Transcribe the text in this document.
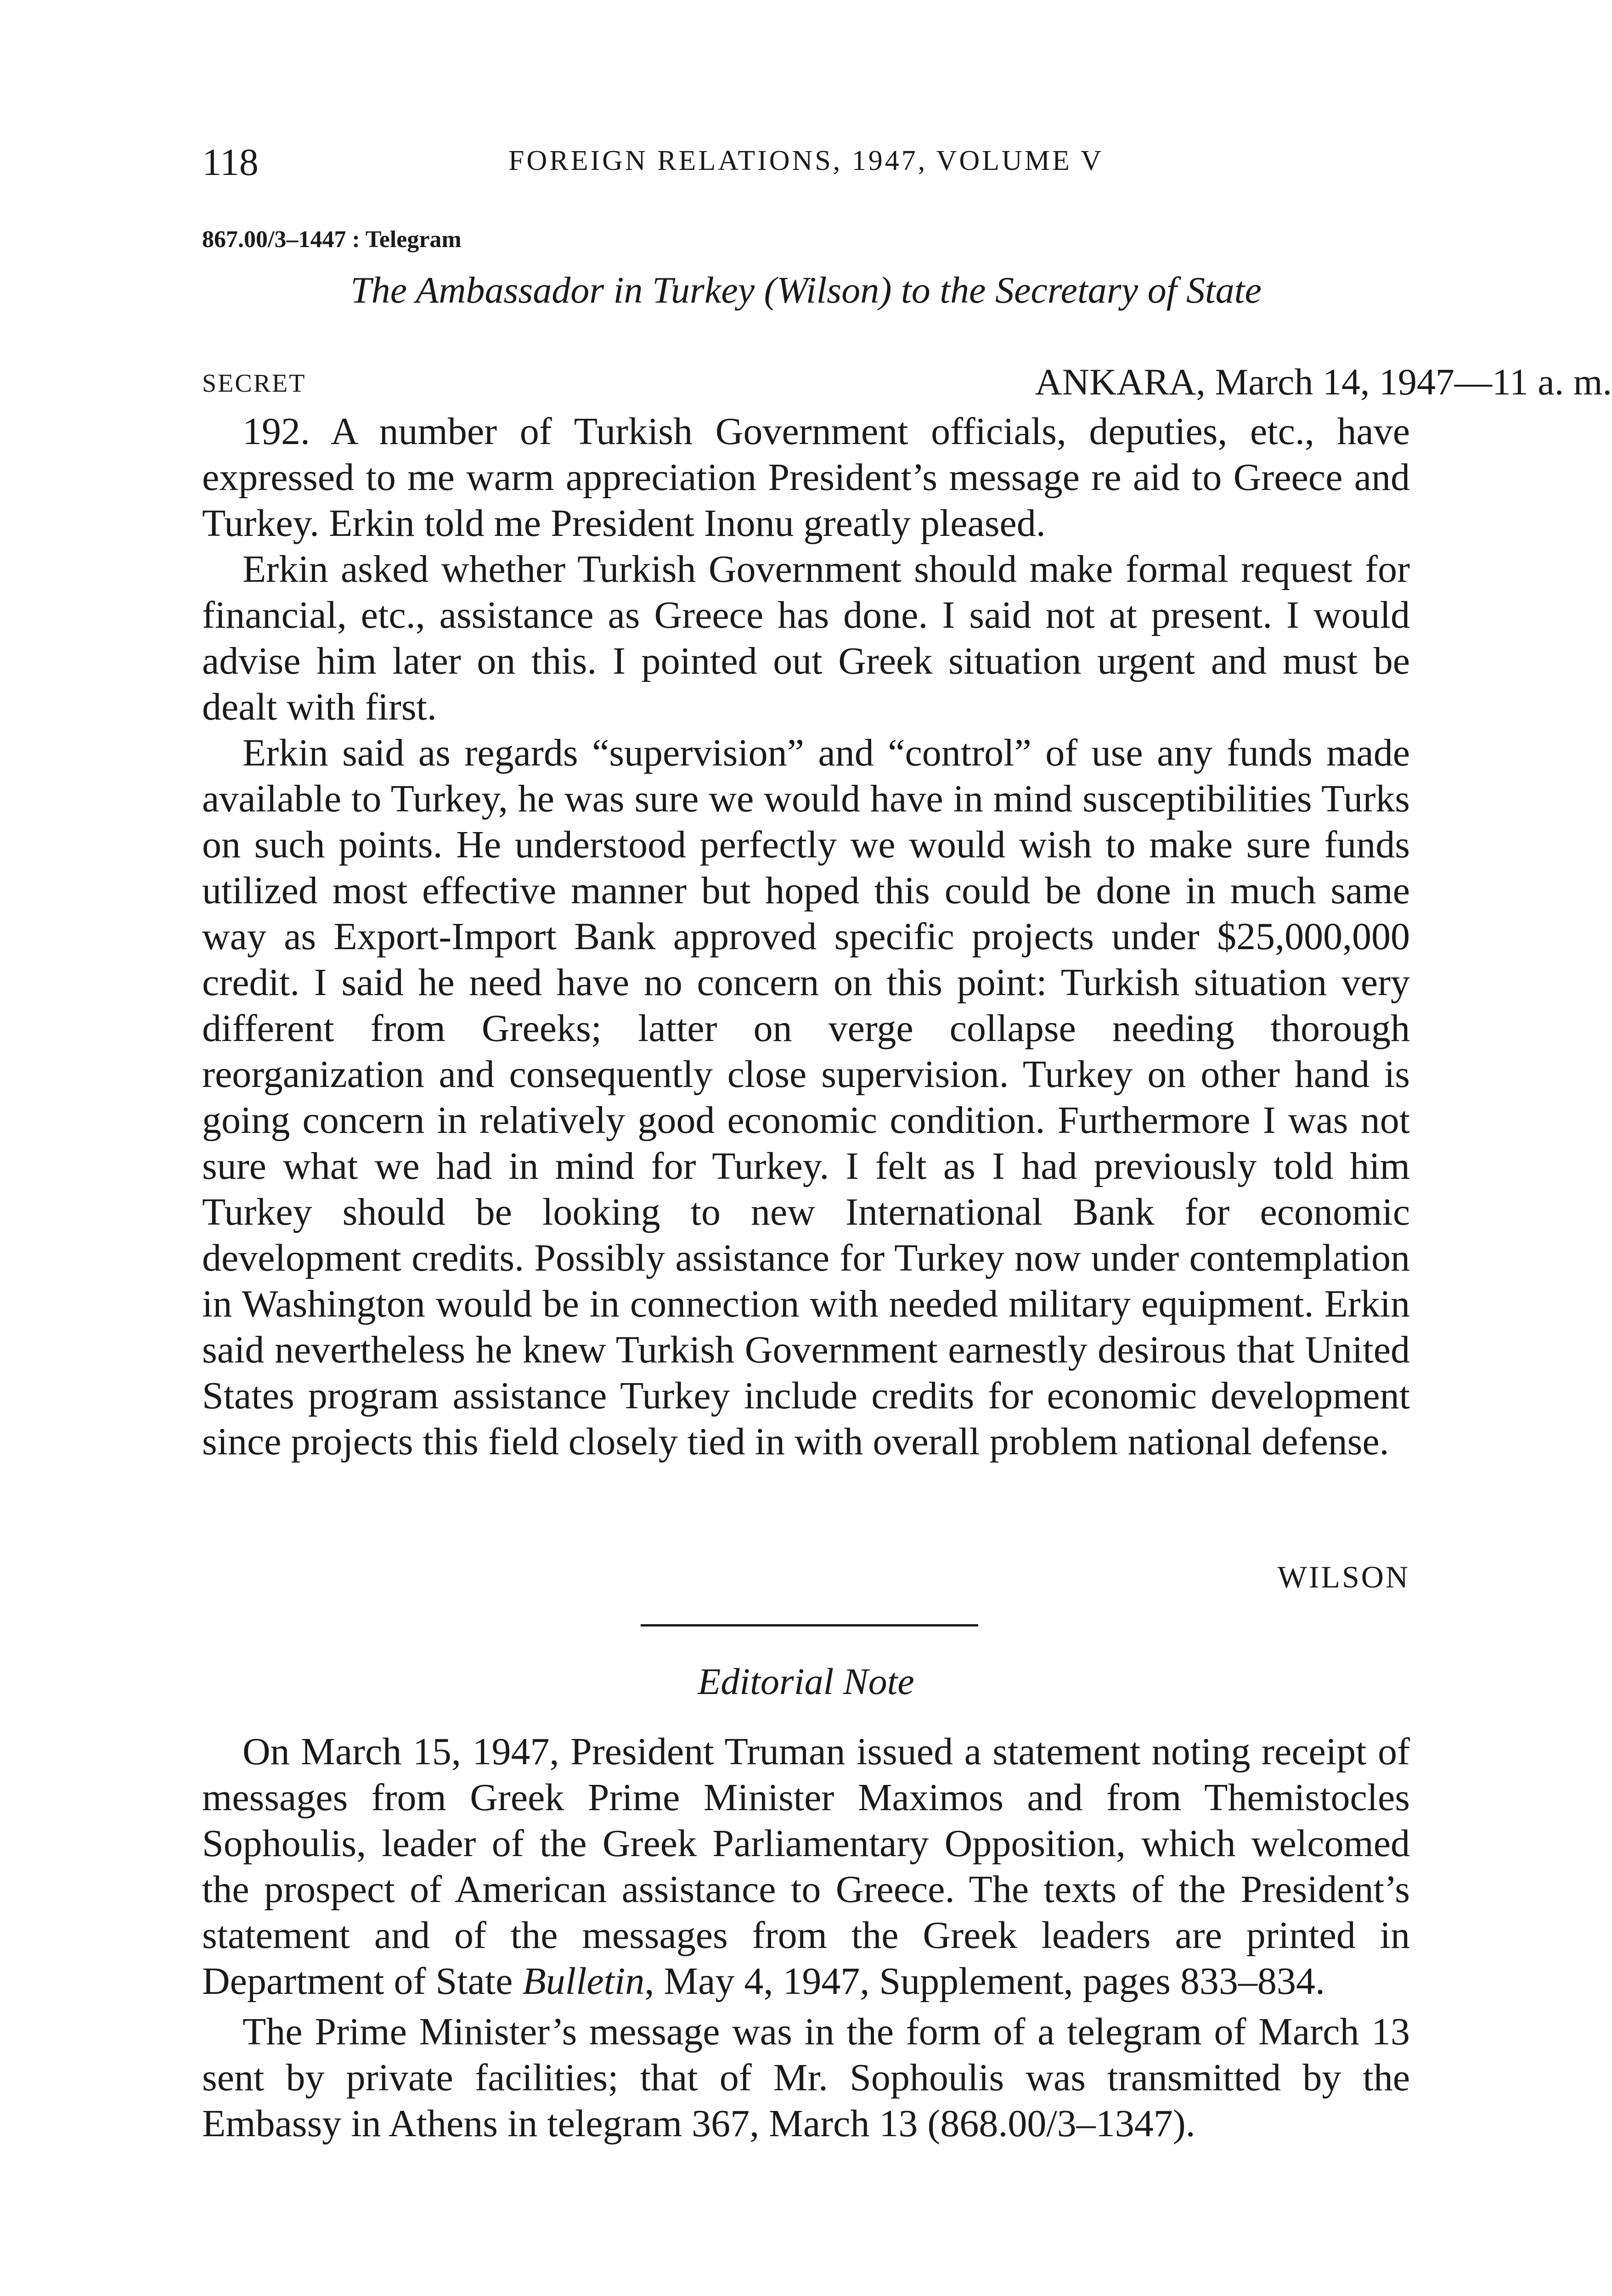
118	FOREIGN RELATIONS, 1947, VOLUME V
867.00/3–1447 : Telegram
The Ambassador in Turkey (Wilson) to the Secretary of State
SECRET	ANKARA, March 14, 1947—11 a. m.

192. A number of Turkish Government officials, deputies, etc., have expressed to me warm appreciation President’s message re aid to Greece and Turkey. Erkin told me President Inonu greatly pleased.

Erkin asked whether Turkish Government should make formal request for financial, etc., assistance as Greece has done. I said not at present. I would advise him later on this. I pointed out Greek situation urgent and must be dealt with first.

Erkin said as regards “supervision” and “control” of use any funds made available to Turkey, he was sure we would have in mind susceptibilities Turks on such points. He understood perfectly we would wish to make sure funds utilized most effective manner but hoped this could be done in much same way as Export-Import Bank approved specific projects under $25,000,000 credit. I said he need have no concern on this point: Turkish situation very different from Greeks; latter on verge collapse needing thorough reorganization and consequently close supervision. Turkey on other hand is going concern in relatively good economic condition. Furthermore I was not sure what we had in mind for Turkey. I felt as I had previously told him Turkey should be looking to new International Bank for economic development credits. Possibly assistance for Turkey now under contemplation in Washington would be in connection with needed military equipment. Erkin said nevertheless he knew Turkish Government earnestly desirous that United States program assistance Turkey include credits for economic development since projects this field closely tied in with overall problem national defense.

WILSON
Editorial Note

On March 15, 1947, President Truman issued a statement noting receipt of messages from Greek Prime Minister Maximos and from Themistocles Sophoulis, leader of the Greek Parliamentary Opposition, which welcomed the prospect of American assistance to Greece. The texts of the President’s statement and of the messages from the Greek leaders are printed in Department of State Bulletin, May 4, 1947, Supplement, pages 833–834.

The Prime Minister’s message was in the form of a telegram of March 13 sent by private facilities; that of Mr. Sophoulis was transmitted by the Embassy in Athens in telegram 367, March 13 (868.00/3–1347).
